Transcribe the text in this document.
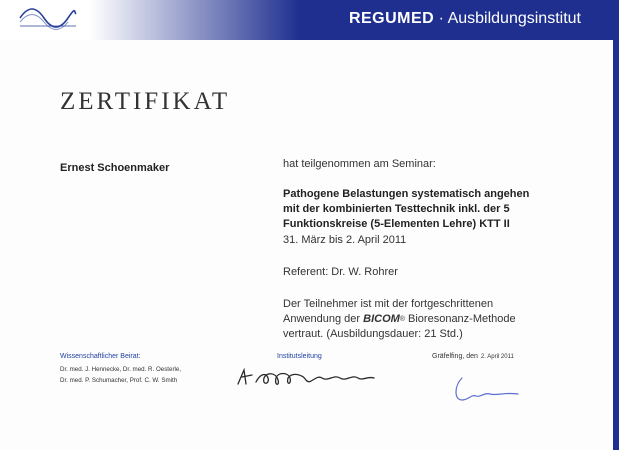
REGUMED · Ausbildungsinstitut
ZERTIFIKAT
Ernest Schoenmaker	hat teilgenommen am Seminar:
Pathogene Belastungen systematisch angehen
mit der kombinierten Testtechnik inkl. der 5
Funktionskreise (5-Elementen Lehre) KTT II
31. März bis 2. April 2011
Referent: Dr. W. Rohrer
Der Teilnehmer ist mit der fortgeschrittenen
Anwendung der BICOM® Bioresonanz-Methode
vertraut. (Ausbildungsdauer: 21 Std.)
Wissenschaftlicher Beirat:
Dr. med. J. Hennecke, Dr. med. R. Oesterle,
Dr. med. P. Schumacher, Prof. C. W. Smith
Institutsleitung	Gräfelfing, den 2. April 2011
